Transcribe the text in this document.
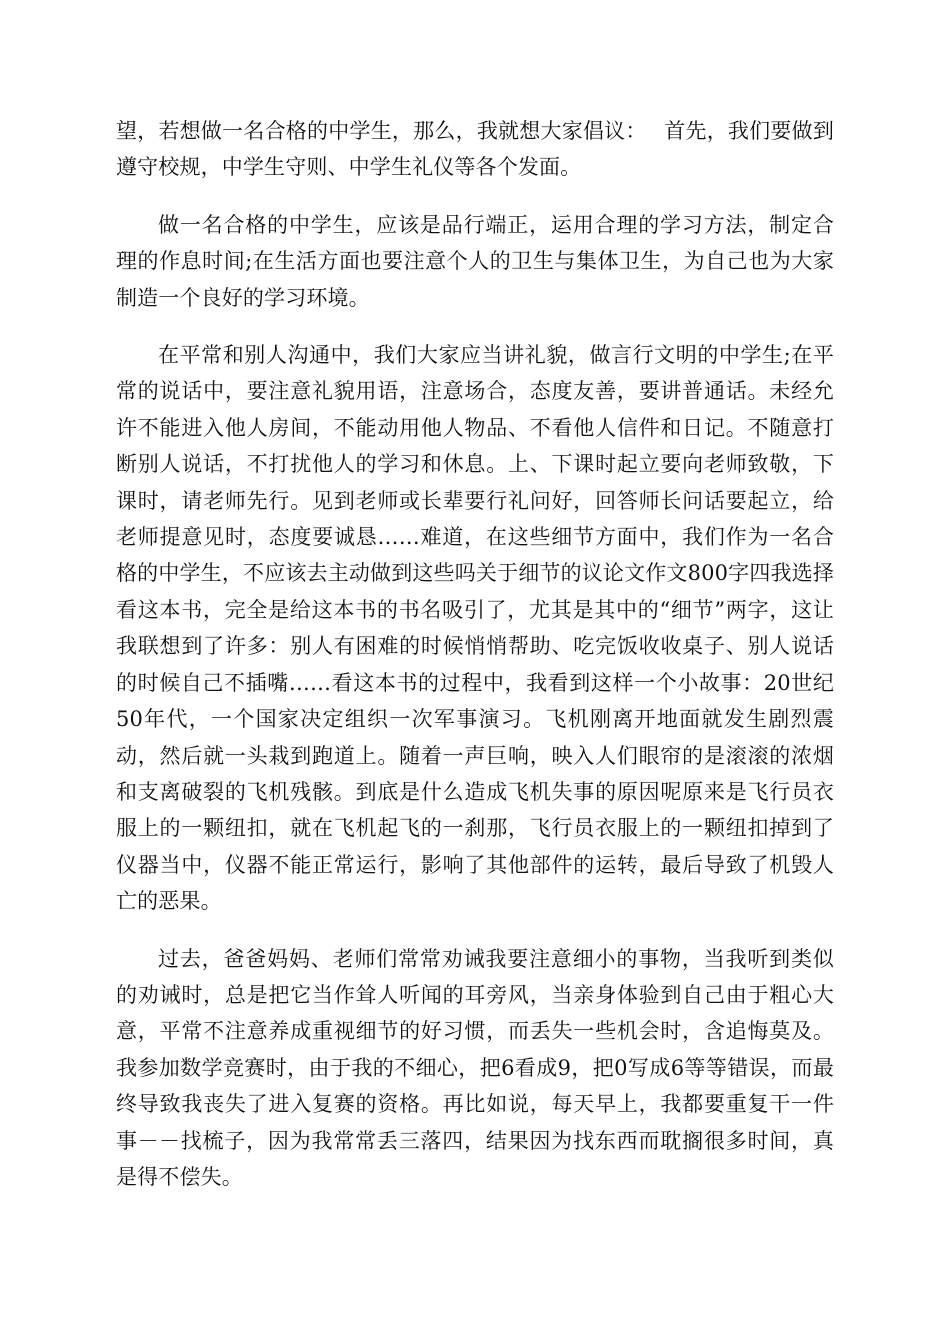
望，若想做一名合格的中学生，那么，我就想大家倡议：　 首先，我们要做到遵守校规，中学生守则、中学生礼仪等各个发面。

做一名合格的中学生，应该是品行端正，运用合理的学习方法，制定合理的作息时间;在生活方面也要注意个人的卫生与集体卫生，为自己也为大家制造一个良好的学习环境。

在平常和别人沟通中，我们大家应当讲礼貌，做言行文明的中学生;在平常的说话中，要注意礼貌用语，注意场合，态度友善，要讲普通话。未经允许不能进入他人房间，不能动用他人物品、不看他人信件和日记。不随意打断别人说话，不打扰他人的学习和休息。上、下课时起立要向老师致敬，下课时，请老师先行。见到老师或长辈要行礼问好，回答师长问话要起立，给老师提意见时，态度要诚恳……难道，在这些细节方面中，我们作为一名合格的中学生，不应该去主动做到这些吗关于细节的议论文作文800字四我选择看这本书，完全是给这本书的书名吸引了，尤其是其中的“细节”两字，这让我联想到了许多：别人有困难的时候悄悄帮助、吃完饭收收桌子、别人说话的时候自己不插嘴……看这本书的过程中，我看到这样一个小故事：20世纪50年代，一个国家决定组织一次军事演习。飞机刚离开地面就发生剧烈震动，然后就一头栽到跑道上。随着一声巨响，映入人们眼帘的是滚滚的浓烟和支离破裂的飞机残骸。到底是什么造成飞机失事的原因呢原来是飞行员衣服上的一颗纽扣，就在飞机起飞的一刹那，飞行员衣服上的一颗纽扣掉到了仪器当中，仪器不能正常运行，影响了其他部件的运转，最后导致了机毁人亡的恶果。

过去，爸爸妈妈、老师们常常劝诫我要注意细小的事物，当我听到类似的劝诫时，总是把它当作耸人听闻的耳旁风，当亲身体验到自己由于粗心大意，平常不注意养成重视细节的好习惯，而丢失一些机会时，含追悔莫及。我参加数学竞赛时，由于我的不细心，把6看成9，把0写成6等等错误，而最终导致我丧失了进入复赛的资格。再比如说，每天早上，我都要重复干一件事－－找梳子，因为我常常丢三落四，结果因为找东西而耽搁很多时间，真是得不偿失。
